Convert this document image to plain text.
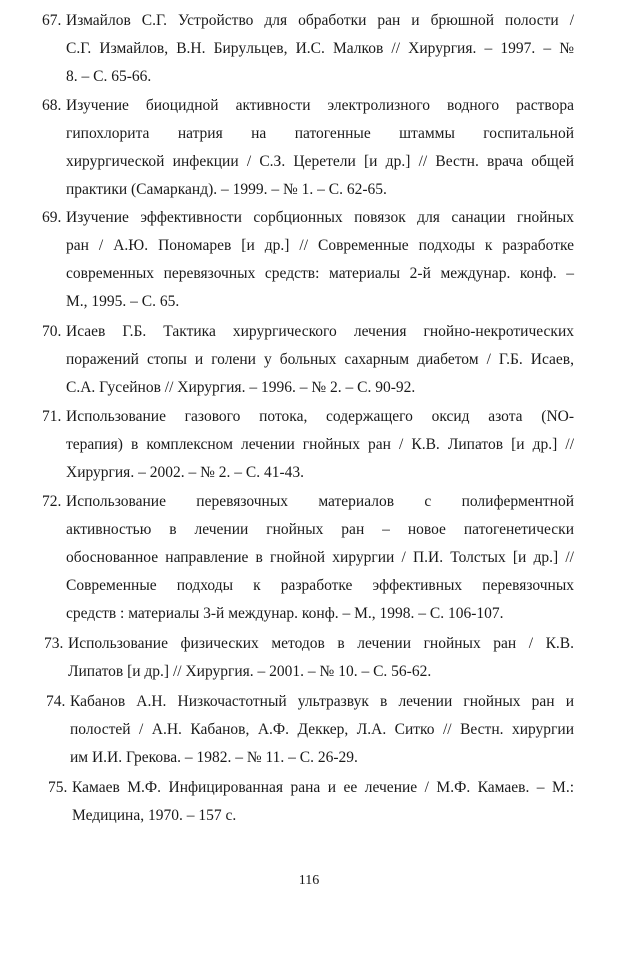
67. Измайлов С.Г. Устройство для обработки ран и брюшной полости /
С.Г. Измайлов, В.Н. Бирyльцев, И.С. Малков // Хирургия. – 1997. – №
8. – С. 65-66.
68. Изучение биоцидной активности электролизного водного раствора
гипохлорита натрия на патогенные штаммы госпитальной
хирургической инфекции / С.З. Церетели [и др.] // Вестн. врача общей
практики (Самарканд). – 1999. – № 1. – С. 62-65.
69. Изучение эффективности сорбционных повязок для санации гнойных
ран / А.Ю. Пономарев [и др.] // Современные подходы к разработке
современных перевязочных средств: материалы 2-й междунар. конф. –
М., 1995. – С. 65.
70. Исаев Г.Б. Тактика хирургического лечения гнойно-некротических
поражений стопы и голени у больных сахарным диабетом / Г.Б. Исаев,
С.А. Гусейнов // Хирургия. – 1996. – № 2. – С. 90-92.
71. Использование газового потока, содержащего оксид азота (NO-
терапия) в комплексном лечении гнойных ран / К.В. Липатов [и др.] //
Хирургия. – 2002. – № 2. – С. 41-43.
72. Использование перевязочных материалов с полиферментной
активностью в лечении гнойных ран – новое патогенетически
обоснованное направление в гнойной хирургии / П.И. Толстых [и др.] //
Современные подходы к разработке эффективных перевязочных
средств : материалы 3-й междунар. конф. – М., 1998. – С. 106-107.
73. Использование физических методов в лечении гнойных ран / К.В.
Липатов [и др.] // Хирургия. – 2001. – № 10. – С. 56-62.
74. Кабанов А.Н. Низкочастотный ультразвук в лечении гнойных ран и
полостей / А.Н. Кабанов, А.Ф. Деккер, Л.А. Ситко // Вестн. хирургии
им И.И. Грекова. – 1982. – № 11. – С. 26-29.
75. Камаев М.Ф. Инфицированная рана и ее лечение / М.Ф. Камаев. – М.:
Медицина, 1970. – 157 с.
116
